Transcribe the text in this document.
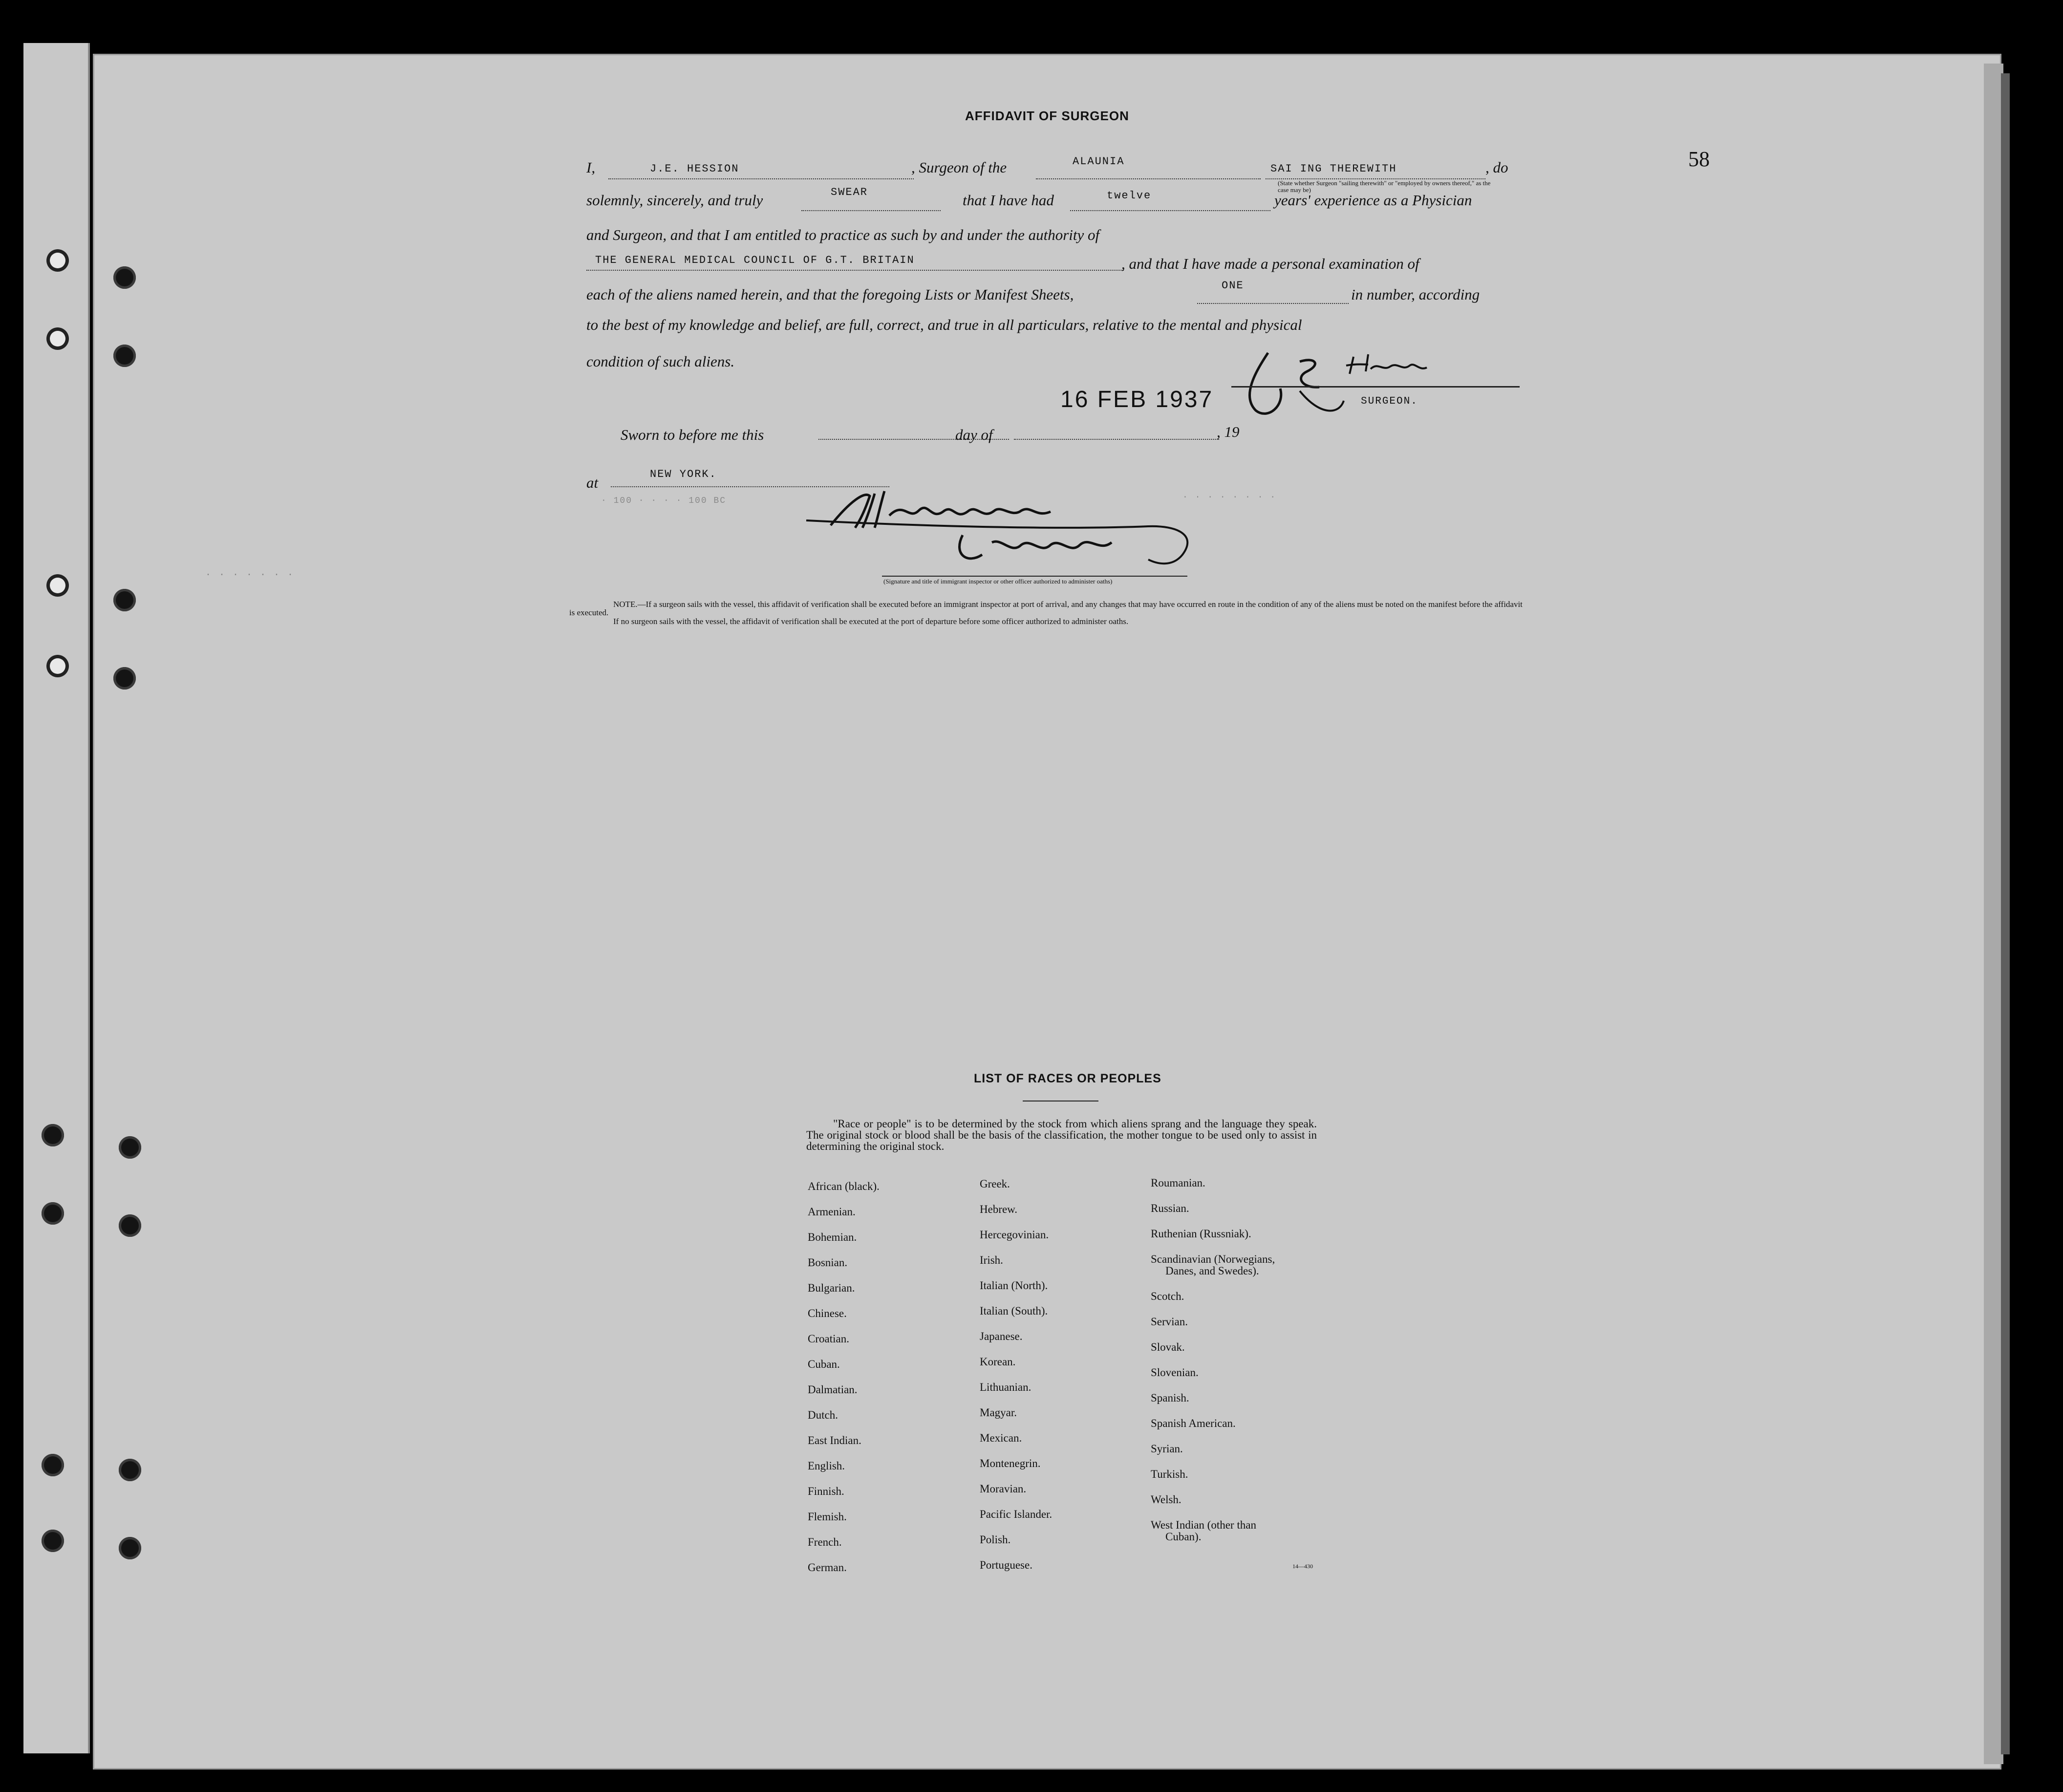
58
AFFIDAVIT OF SURGEON
I,	J.E. HESSION	, Surgeon of the	ALAUNIA
SAI ING THEREWITH	, do
(State whether Surgeon "sailing therewith" or "employed by owners thereof," as the case may be)
solemnly, sincerely, and truly	SWEAR	that I have had	twelve	years' experience as a Physician
and Surgeon, and that I am entitled to practice as such by and under the authority of
THE GENERAL MEDICAL COUNCIL OF G.T. BRITAIN	, and that I have made a personal examination of
each of the aliens named herein, and that the foregoing Lists or Manifest Sheets,
ONE
in number, according
to the best of my knowledge and belief, are full, correct, and true in all particulars, relative to the mental and physical
condition of such aliens.
SURGEON.
16 FEB 1937
Sworn to before me this	day of	, 19
at	NEW YORK.
· 100 · · · · 100 BC
· · · · · · ·
· · · · · · · ·
(Signature and title of immigrant inspector or other officer authorized to administer oaths)
NOTE.—If a surgeon sails with the vessel, this affidavit of verification shall be executed before an immigrant inspector at port of arrival, and any changes that may have occurred en route in the condition of any of the aliens must be noted on the manifest before the affidavit is executed.
If no surgeon sails with the vessel, the affidavit of verification shall be executed at the port of departure before some officer authorized to administer oaths.
LIST OF RACES OR PEOPLES
"Race or people" is to be determined by the stock from which aliens sprang and the language they speak. The original stock or blood shall be the basis of the classification, the mother tongue to be used only to assist in determining the original stock.
African (black).
Armenian.
Bohemian.
Bosnian.
Bulgarian.
Chinese.
Croatian.
Cuban.
Dalmatian.
Dutch.
East Indian.
English.
Finnish.
Flemish.
French.
German.
Greek.
Hebrew.
Hercegovinian.
Irish.
Italian (North).
Italian (South).
Japanese.
Korean.
Lithuanian.
Magyar.
Mexican.
Montenegrin.
Moravian.
Pacific Islander.
Polish.
Portuguese.
Roumanian.
Russian.
Ruthenian (Russniak).
Scandinavian (Norwegians,
Danes, and Swedes).
Scotch.
Servian.
Slovak.
Slovenian.
Spanish.
Spanish American.
Syrian.
Turkish.
Welsh.
West Indian (other than
Cuban).
14—430
